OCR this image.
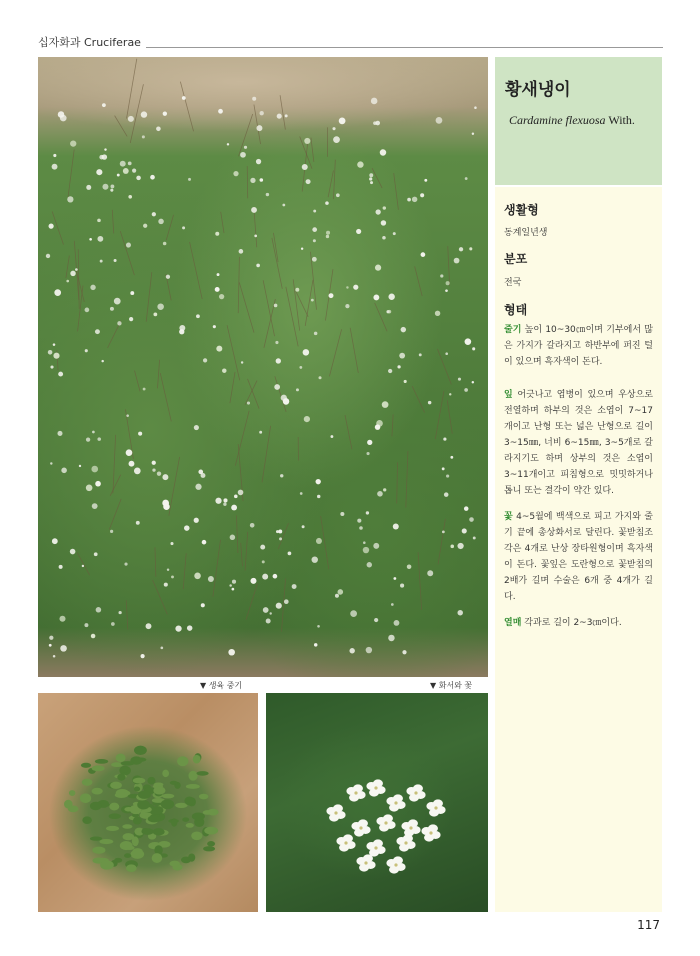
십자화과 Cruciferae
▼ 생육 중기	▼ 화서와 꽃
황새냉이
Cardamine flexuosa With.
생활형
동계일년생
분포
전국
형태
줄기 높이 10~30㎝이며 기부에서 많은 가지가 갈라지고 하반부에 퍼진 털이 있으며 흑자색이 돈다.
잎 어긋나고 엽병이 있으며 우상으로 전열하며 하부의 것은 소엽이 7~17개이고 난형 또는 넓은 난형으로 길이 3~15㎜, 너비 6~15㎜, 3~5개로 갈라지기도 하며 상부의 것은 소엽이 3~11개이고 피침형으로 밋밋하거나 톱니 또는 결각이 약간 있다.
꽃 4~5월에 백색으로 피고 가지와 줄기 끝에 총상화서로 달린다. 꽃받침조각은 4개로 난상 장타원형이며 흑자색이 돈다. 꽃잎은 도란형으로 꽃받침의 2배가 길며 수술은 6개 중 4개가 길다.
열매 각과로 길이 2~3㎝이다.
117
